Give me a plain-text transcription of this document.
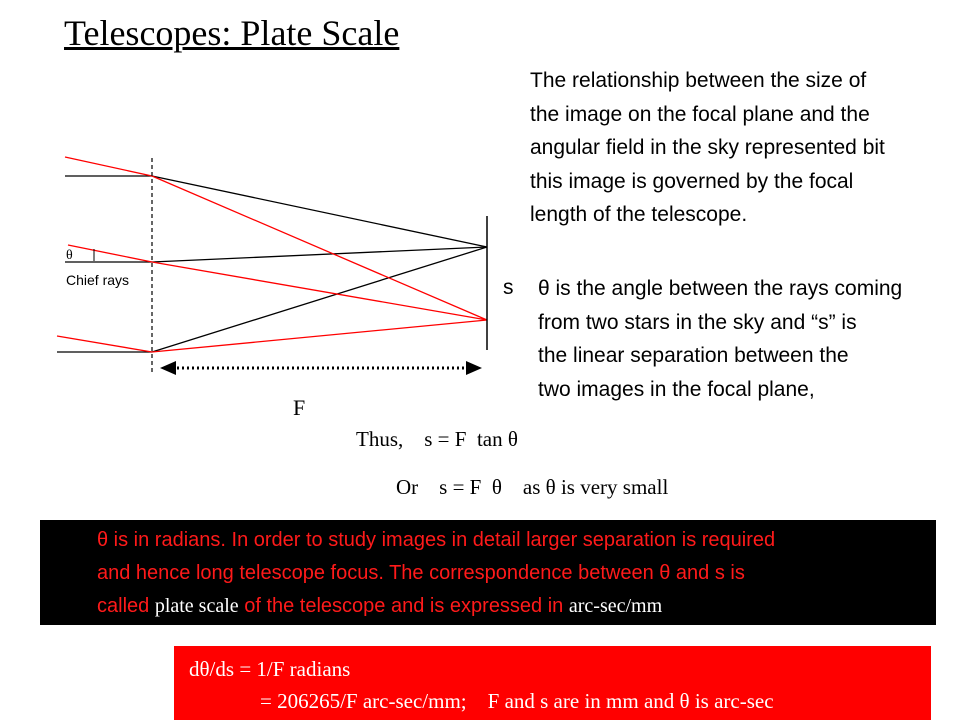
Telescopes: Plate Scale
The relationship between the size of
the image on the focal plane and the
angular field in the sky represented bit
this image is governed by the focal
length of the telescope.
θ
Chief rays	s
F
θ is the angle between the rays coming
from two stars in the sky and “s” is
the linear separation between the
two images in the focal plane,
Thus,    s = F  tan θ
Or    s = F  θ    as θ is very small
θ is in radians. In order to study images in detail larger separation is required
and hence long telescope focus. The correspondence between θ and s is
called plate scale of the telescope and is expressed in arc-sec/mm
dθ/ds = 1/F radians
= 206265/F arc-sec/mm;    F and s are in mm and θ is arc-sec
